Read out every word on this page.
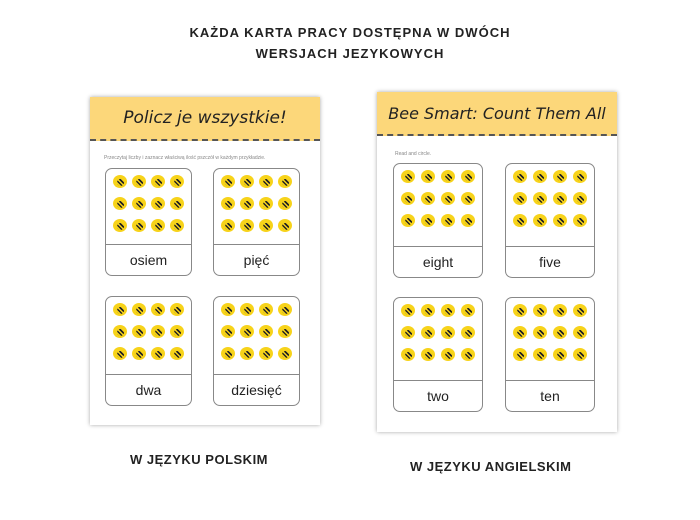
KAŻDA KARTA PRACY DOSTĘPNA W DWÓCH
WERSJACH JEZYKOWYCH
Policz je wszystkie!
Przeczytaj liczby i zaznacz właściwą ilość pszczół w każdym przykładzie.
osiem	pięć
dwa	dziesięć
Bee Smart: Count Them All
Read and circle.
eight	five
two	ten
W JĘZYKU POLSKIM	W JĘZYKU ANGIELSKIM
